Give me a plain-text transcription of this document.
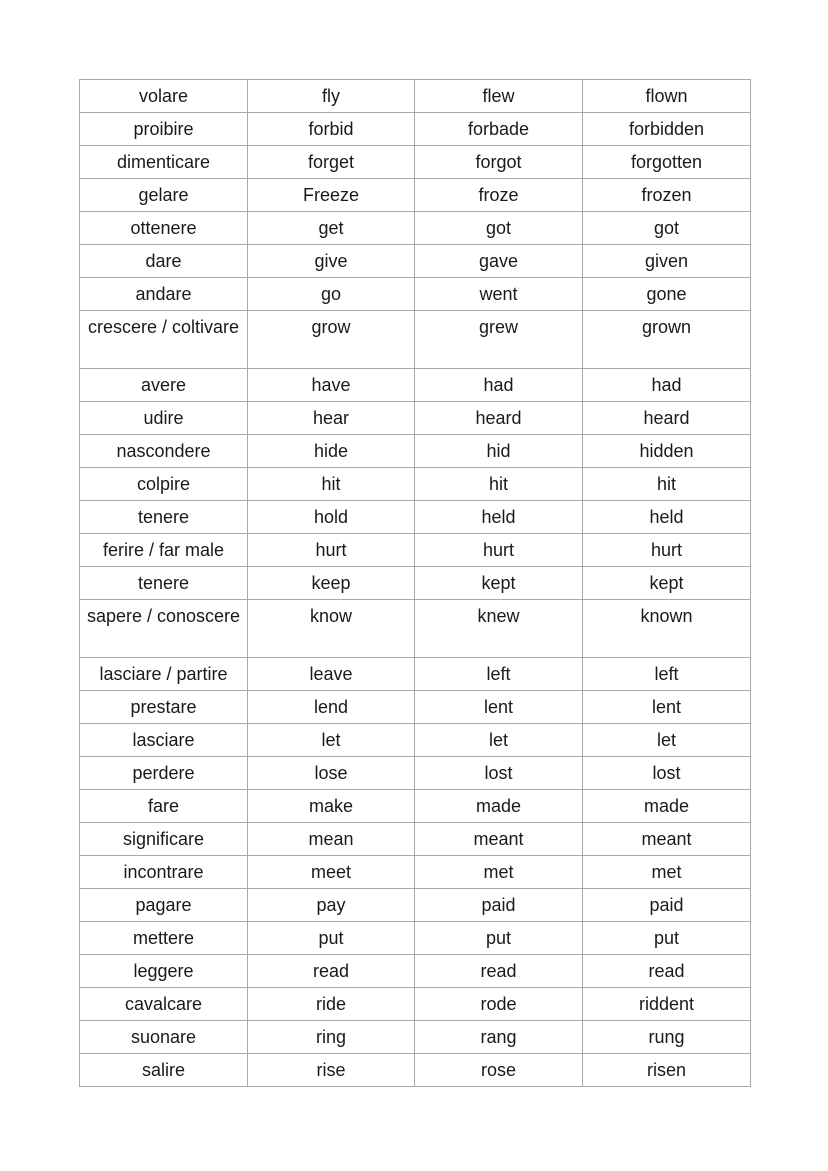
volare	fly	flew	flown
proibire	forbid	forbade	forbidden
dimenticare	forget	forgot	forgotten
gelare	Freeze	froze	frozen
ottenere	get	got	got
dare	give	gave	given
andare	go	went	gone
crescere / coltivare	grow	grew	grown
avere	have	had	had
udire	hear	heard	heard
nascondere	hide	hid	hidden
colpire	hit	hit	hit
tenere	hold	held	held
ferire / far male	hurt	hurt	hurt
tenere	keep	kept	kept
sapere / conoscere	know	knew	known
lasciare / partire	leave	left	left
prestare	lend	lent	lent
lasciare	let	let	let
perdere	lose	lost	lost
fare	make	made	made
significare	mean	meant	meant
incontrare	meet	met	met
pagare	pay	paid	paid
mettere	put	put	put
leggere	read	read	read
cavalcare	ride	rode	riddent
suonare	ring	rang	rung
salire	rise	rose	risen
